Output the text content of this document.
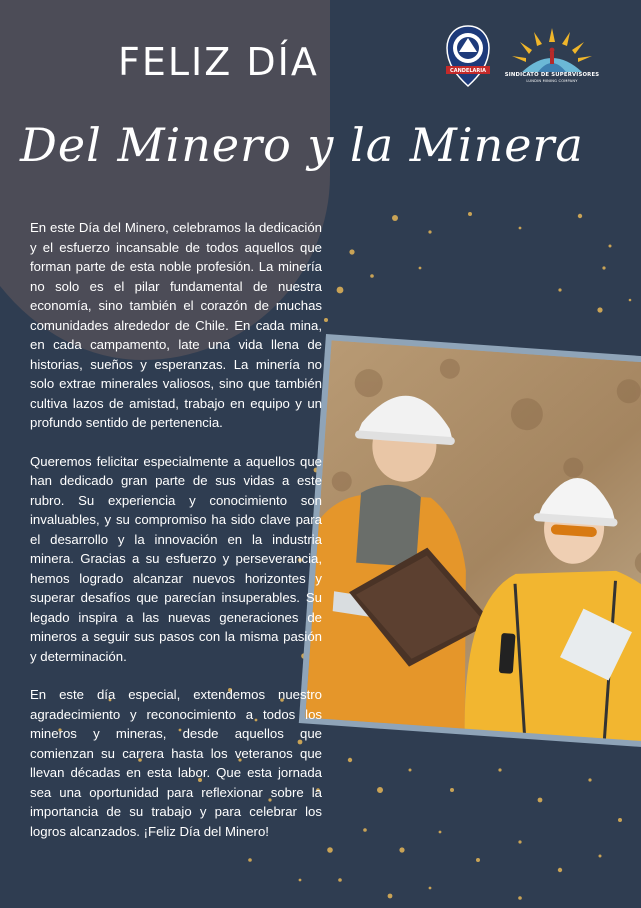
FELIZ DÍA
Del Minero y la Minera
CANDELARIA
SINDICATO DE SUPERVISORES
LUNDIN MINING COMPANY

En este Día del Minero, celebramos la dedicación y el esfuerzo incansable de todos aquellos que forman parte de esta noble profesión. La minería no solo es el pilar fundamental de nuestra economía, sino también el corazón de muchas comunidades alrededor de Chile. En cada mina, en cada campamento, late una vida llena de historias, sueños y esperanzas. La minería no solo extrae minerales valiosos, sino que también cultiva lazos de amistad, trabajo en equipo y un profundo sentido de pertenencia.

Queremos felicitar especialmente a aquellos que han dedicado gran parte de sus vidas a este rubro. Su experiencia y conocimiento son invaluables, y su compromiso ha sido clave para el desarrollo y la innovación en la industria minera. Gracias a su esfuerzo y perseverancia, hemos logrado alcanzar nuevos horizontes y superar desafíos que parecían insuperables. Su legado inspira a las nuevas generaciones de mineros a seguir sus pasos con la misma pasión y determinación.

En este día especial, extendemos nuestro agradecimiento y reconocimiento a todos los mineros y mineras, desde aquellos que comienzan su carrera hasta los veteranos que llevan décadas en esta labor. Que esta jornada sea una oportunidad para reflexionar sobre la importancia de su trabajo y para celebrar los logros alcanzados. ¡Feliz Día del Minero!
